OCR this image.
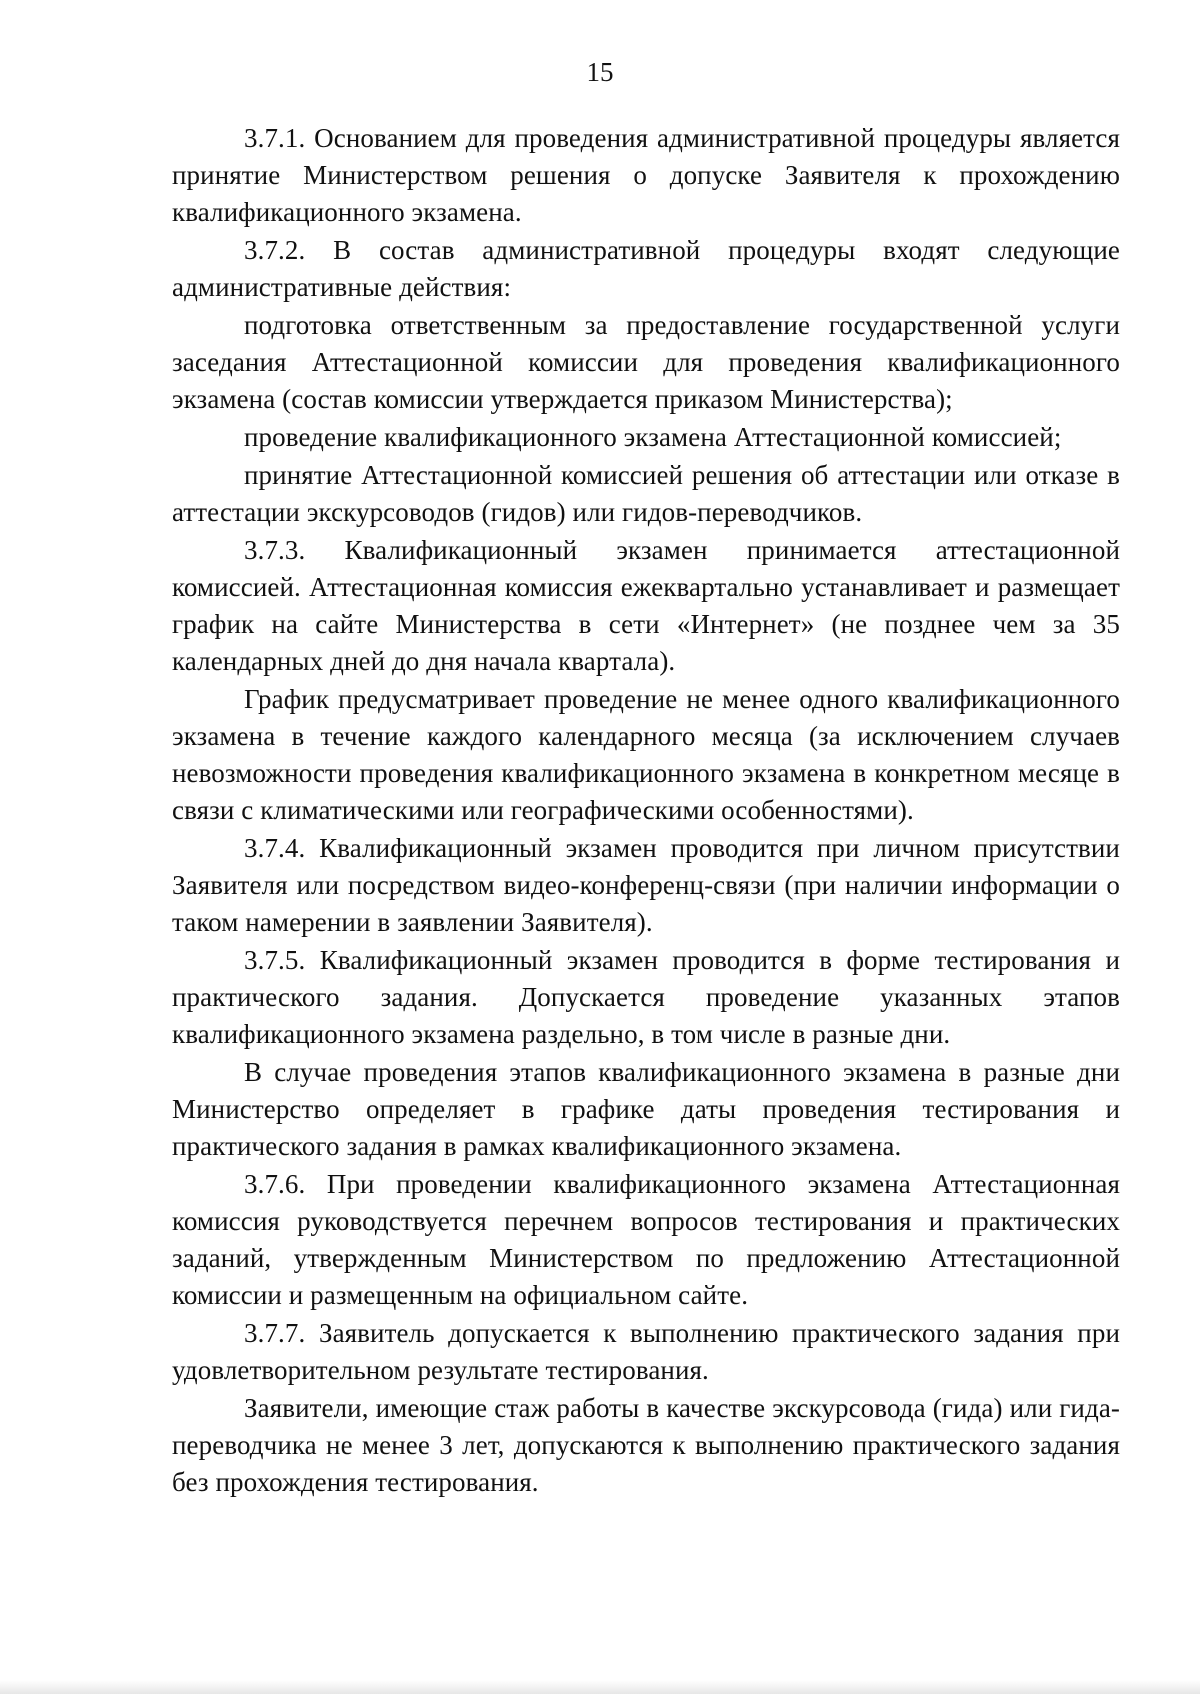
15

3.7.1. Основанием для проведения административной процедуры является принятие Министерством решения о допуске Заявителя к прохождению квалификационного экзамена.

3.7.2. В состав административной процедуры входят следующие административные действия:

подготовка ответственным за предоставление государственной услуги заседания Аттестационной комиссии для проведения квалификационного экзамена (состав комиссии утверждается приказом Министерства);

проведение квалификационного экзамена Аттестационной комиссией;

принятие Аттестационной комиссией решения об аттестации или отказе в аттестации экскурсоводов (гидов) или гидов-переводчиков.

3.7.3. Квалификационный экзамен принимается аттестационной комиссией. Аттестационная комиссия ежеквартально устанавливает и размещает график на сайте Министерства в сети «Интернет» (не позднее чем за 35 календарных дней до дня начала квартала).

График предусматривает проведение не менее одного квалификационного экзамена в течение каждого календарного месяца (за исключением случаев невозможности проведения квалификационного экзамена в конкретном месяце в связи с климатическими или географическими особенностями).

3.7.4. Квалификационный экзамен проводится при личном присутствии Заявителя или посредством видео-конференц-связи (при наличии информации о таком намерении в заявлении Заявителя).

3.7.5. Квалификационный экзамен проводится в форме тестирования и практического задания. Допускается проведение указанных этапов квалификационного экзамена раздельно, в том числе в разные дни.

В случае проведения этапов квалификационного экзамена в разные дни Министерство определяет в графике даты проведения тестирования и практического задания в рамках квалификационного экзамена.

3.7.6. При проведении квалификационного экзамена Аттестационная комиссия руководствуется перечнем вопросов тестирования и практических заданий, утвержденным Министерством по предложению Аттестационной комиссии и размещенным на официальном сайте.

3.7.7. Заявитель допускается к выполнению практического задания при удовлетворительном результате тестирования.

Заявители, имеющие стаж работы в качестве экскурсовода (гида) или гида-переводчика не менее 3 лет, допускаются к выполнению практического задания без прохождения тестирования.
